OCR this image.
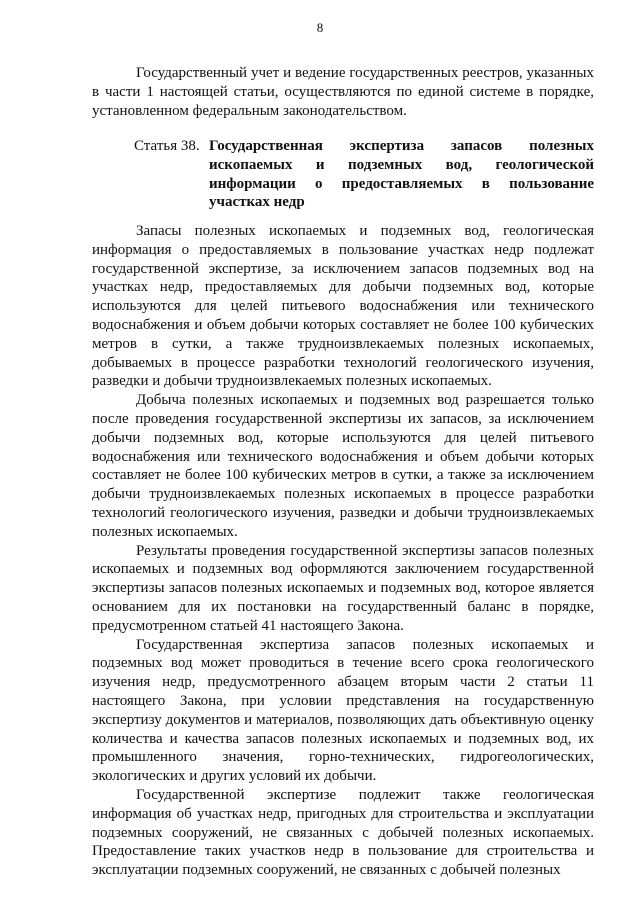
8

Государственный учет и ведение государственных реестров, указанных в части 1 настоящей статьи, осуществляются по единой системе в порядке, установленном федеральным законодательством.

Статья 38. Государственная экспертиза запасов полезных ископаемых и подземных вод, геологической информации о предоставляемых в пользование участках недр

Запасы полезных ископаемых и подземных вод, геологическая информация о предоставляемых в пользование участках недр подлежат государственной экспертизе, за исключением запасов подземных вод на участках недр, предоставляемых для добычи подземных вод, которые используются для целей питьевого водоснабжения или технического водоснабжения и объем добычи которых составляет не более 100 кубических метров в сутки, а также трудноизвлекаемых полезных ископаемых, добываемых в процессе разработки технологий геологического изучения, разведки и добычи трудноизвлекаемых полезных ископаемых.

Добыча полезных ископаемых и подземных вод разрешается только после проведения государственной экспертизы их запасов, за исключением добычи подземных вод, которые используются для целей питьевого водоснабжения или технического водоснабжения и объем добычи которых составляет не более 100 кубических метров в сутки, а также за исключением добычи трудноизвлекаемых полезных ископаемых в процессе разработки технологий геологического изучения, разведки и добычи трудноизвлекаемых полезных ископаемых.

Результаты проведения государственной экспертизы запасов полезных ископаемых и подземных вод оформляются заключением государственной экспертизы запасов полезных ископаемых и подземных вод, которое является основанием для их постановки на государственный баланс в порядке, предусмотренном статьей 41 настоящего Закона.

Государственная экспертиза запасов полезных ископаемых и подземных вод может проводиться в течение всего срока геологического изучения недр, предусмотренного абзацем вторым части 2 статьи 11 настоящего Закона, при условии представления на государственную экспертизу документов и материалов, позволяющих дать объективную оценку количества и качества запасов полезных ископаемых и подземных вод, их промышленного значения, горно-технических, гидрогеологических, экологических и других условий их добычи.

Государственной экспертизе подлежит также геологическая информация об участках недр, пригодных для строительства и эксплуатации подземных сооружений, не связанных с добычей полезных ископаемых. Предоставление таких участков недр в пользование для строительства и эксплуатации подземных сооружений, не связанных с добычей полезных
